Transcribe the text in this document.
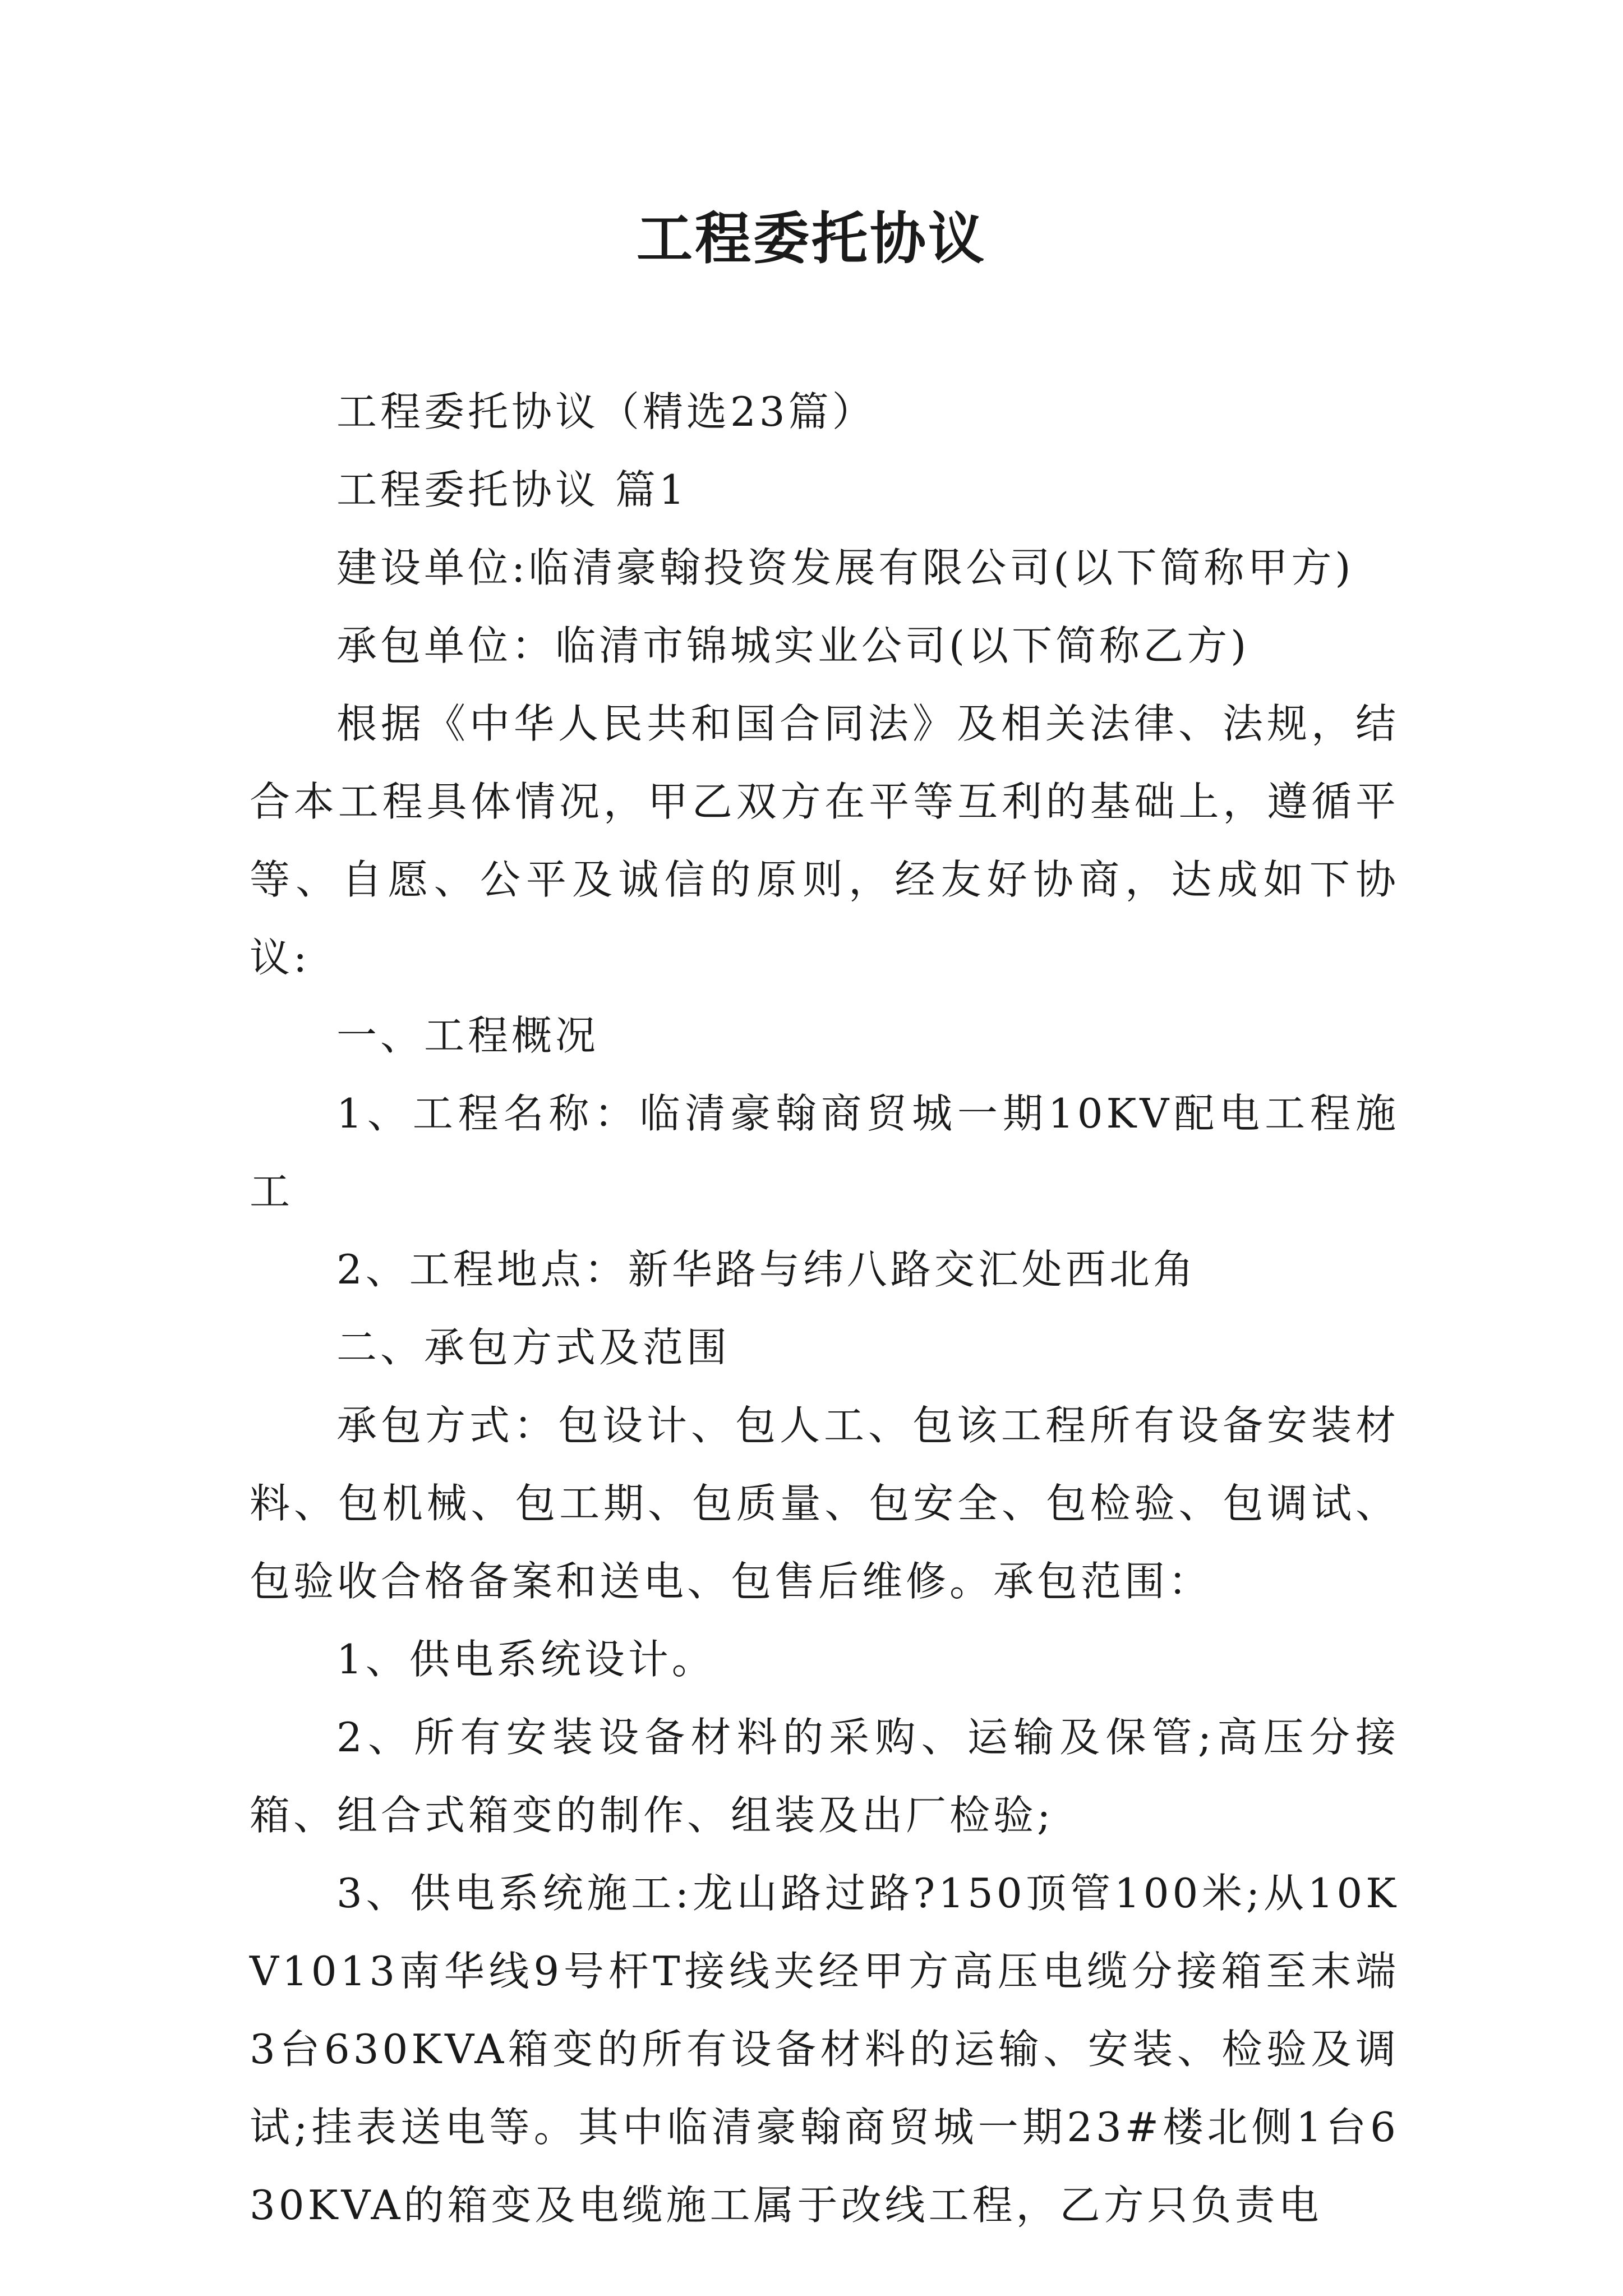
工程委托协议

工程委托协议（精选23篇）

工程委托协议 篇1

建设单位:临清豪翰投资发展有限公司(以下简称甲方)

承包单位：临清市锦城实业公司(以下简称乙方)

根据《中华人民共和国合同法》及相关法律、法规，结合本工程具体情况，甲乙双方在平等互利的基础上，遵循平等、自愿、公平及诚信的原则，经友好协商，达成如下协议:

一、工程概况

1、工程名称：临清豪翰商贸城一期10KV配电工程施工

2、工程地点：新华路与纬八路交汇处西北角

二、承包方式及范围

承包方式：包设计、包人工、包该工程所有设备安装材料、包机械、包工期、包质量、包安全、包检验、包调试、包验收合格备案和送电、包售后维修。承包范围：

1、供电系统设计。

2、所有安装设备材料的采购、运输及保管;高压分接箱、组合式箱变的制作、组装及出厂检验;

3、供电系统施工:龙山路过路?150顶管100米;从10KV1013南华线9号杆T接线夹经甲方高压电缆分接箱至末端3台630KVA箱变的所有设备材料的运输、安装、检验及调试;挂表送电等。其中临清豪翰商贸城一期23#楼北侧1台630KVA的箱变及电缆施工属于改线工程，乙方只负责电
